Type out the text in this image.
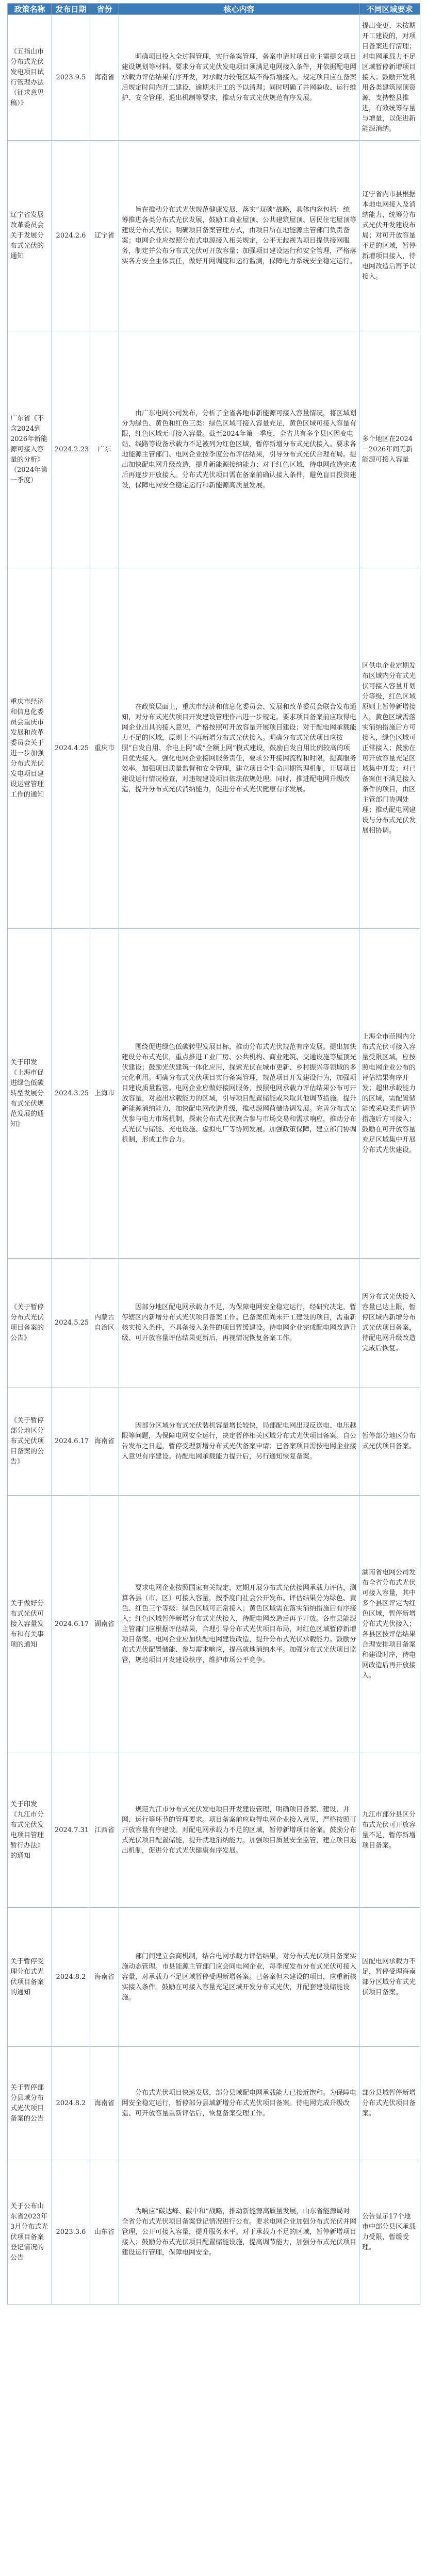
政策名称	发布日期	省份	核心内容	不同区域要求
《五指山市分布式光伏发电项目试行管理办法（征求意见稿）》	2023.9.5	海南省	明确项目投入全过程管理，实行备案管理，备案申请时项目业主需提交项目建设规划等材料。要求分布式光伏发电项目须满足电网接入条件，并依据配电网承载力评估结果有序开发，对承载力较低区域不得新增接入。规定项目应在备案后规定时间内开工建设，逾期未开工的予以清理；同时明确了并网验收、运行维护、安全管理、退出机制等要求，推动分布式光伏规范有序发展。	提出变更、未按期开工建设的，对项目备案进行清理；对电网承载力不足区域暂停新增项目接入；鼓励开发利用各类建筑屋顶资源，支持整县推进，有效统筹存量与增量，以促进新能源消纳。
辽宁省发展改革委员会关于发展分布式光伏的通知	2024.2.6	辽宁省	旨在推动分布式光伏规范健康发展，落实“双碳”战略，具体内容包括：统筹推进各类分布式光伏发展，鼓励工商业屋顶、公共建筑屋顶、居民住宅屋顶等建设分布式光伏；明确项目备案管理方式，由项目所在地能源主管部门负责备案；电网企业应按照分布式电源接入相关规定，公平无歧视为项目提供接网服务，制定并公布分布式光伏可开放容量；加强项目建设运行和安全管理，严格落实各方安全主体责任，做好并网调度和运行监测，保障电力系统安全稳定运行。	辽宁省内市县根据本地电网接入及消纳能力，统筹分布式光伏开发建设布局；对可开放容量不足的区域，暂停新增项目接入，待电网改造后再予以接入。
广东省《不含2024到2026年新能源可接入容量的分析》（2024年第一季度）	2024.2.23	广东	由广东电网公司发布，分析了全省各地市新能源可接入容量情况，将区域划分为绿色、黄色和红色三类：绿色区域可接入容量充足，黄色区域可接入容量有限，红色区域无可接入容量。截至2024年第一季度，全省共有多个县区因变电站、线路等设备承载力不足被列为红色区域，暂停新增分布式光伏接入。要求各地能源主管部门、电网企业按季度公布评估结果，引导分布式光伏合理布局。提出加快配电网升级改造，提升新能源接纳能力；对于红色区域，待电网改造完成后再逐步开放接入。分布式光伏项目需在备案前确认接入条件，避免盲目投资建设，保障电网安全稳定运行和新能源高质量发展。	多个地区在2024－2026年间无新能源可接入容量
重庆市经济和信息化委员会重庆市发展和改革委员会关于进一步加强分布式光伏发电项目建设运营管理工作的通知	2024.4.25	重庆市	在政策层面上，重庆市经济和信息化委员会、发展和改革委员会联合发布通知，对分布式光伏项目开发建设管理作出进一步规定。要求项目备案前应取得电网企业出具的接入意见，严格按照可开放容量开展项目建设；对于配电网承载能力不足的区域，原则上不再新增分布式光伏接入。明确分布式光伏项目应按照“自发自用、余电上网”或“全额上网”模式建设，鼓励自发自用比例较高的项目优先接入。强化电网企业接网服务责任，要求公开接网流程和时限，提高服务效率。加强项目质量监督和安全管理，建立项目全生命周期管理机制，开展项目建设运行情况检查，对违规建设项目依法依规处理。同时，推进配电网升级改造，提升分布式光伏消纳能力，促进分布式光伏健康有序发展。	区供电企业定期发布区域内分布式光伏可接入容量并划分等级，红色区域原则上暂停新增接入，黄色区域需落实消纳措施后方可接入，绿色区域可正常接入；鼓励在可开放容量充足区域集中开发；对已备案但不满足接入条件的项目，由区主管部门协调处理；推动配电网建设与分布式光伏发展相协调。
关于印发《上海市促进绿色低碳转型发展分布式光伏规范发展的通知》	2024.3.25	上海市	围绕促进绿色低碳转型发展目标，推动分布式光伏规范有序发展。提出加快建设分布式光伏，重点推进工业厂房、公共机构、商业建筑、交通设施等屋顶光伏建设；鼓励光伏建筑一体化应用，探索光伏在城市更新、乡村振兴等领域的多元化利用。明确分布式光伏项目实行备案管理，规范项目开发建设行为，加强项目建设质量监管。电网企业应做好接网服务，按照电网承载力评估结果公布可开放容量，对超出承载能力的区域，引导项目配置储能或采取其他调节措施。提升新能源消纳能力，加快配电网改造升级，推动源网荷储协调发展。完善分布式光伏参与电力市场机制，探索分布式光伏聚合参与市场交易和需求响应，推动分布式光伏与储能、充电设施、虚拟电厂等协同发展。加强政策保障，建立部门协调机制，形成工作合力。	上海全市范围内分布式光伏可接入容量受限区域，应按照电网企业公布的评估结果有序开发；超出承载能力的区域，需配置储能或采取柔性调节措施后方可接入；鼓励在可开放容量充足区域集中开展分布式光伏建设。
《关于暂停分布式光伏项目备案的公告》	2024.5.25	内蒙古自治区	因部分地区配电网承载力不足，为保障电网安全稳定运行，经研究决定，暂停辖区内新增分布式光伏项目备案工作。已备案但尚未开工建设的项目，需重新核实接入条件，不具备接入条件的项目暂缓建设。待电网企业完成配电网改造升级、可开放容量评估结果更新后，再视情况恢复备案工作。	因分布式光伏接入容量已达上限，暂停区域内新增分布式光伏项目备案，待配电网升级改造完成后恢复。
《关于暂停部分地区分布式光伏项目备案的公告》	2024.6.17	海南省	因部分区域分布式光伏装机容量增长较快，局部配电网出现反送电、电压越限等问题，为保障电网安全运行，决定暂停相关区域分布式光伏项目备案。自公告发布之日起，暂停受理新增分布式光伏备案申请；已备案项目需按电网企业接入意见有序建设。待配电网承载能力提升后，另行通知恢复备案。	暂停部分地区分布式光伏项目备案。
关于做好分布式光伏可接入容量发布和有关事项的通知	2024.6.17	湖南省	要求电网企业按照国家有关规定，定期开展分布式光伏接网承载力评估，测算各县（市、区）可接入容量，按季度向社会公开发布。评估结果分为绿色、黄色、红色三个等级：绿色区域可正常接入；黄色区域需在落实消纳措施后有序接入；红色区域暂停新增分布式光伏接入，待配电网改造后再予开放。各市县能源主管部门应根据评估结果，合理引导分布式光伏项目布局，对红色区域暂停新增项目备案。电网企业应加快配电网建设改造，提升分布式光伏承载能力。鼓励分布式光伏配置储能、参与需求响应，提高就地消纳水平。加强分布式光伏项目监管，规范项目开发建设秩序，维护市场公平竞争。	湖南省电网公司发布全省分布式光伏可接入容量，其中多个县区评定为红色区域，暂停新增分布式光伏接入；各县区按评估结果合理安排项目备案和建设时序，待电网改造后再开放接入。
关于印发《九江市分布式光伏发电项目管理暂行办法》的通知	2024.7.31	江西省	规范九江市分布式光伏发电项目开发建设管理，明确项目备案、建设、并网、运行等环节的管理要求。项目备案前应取得电网企业接入意见，严格按照可开放容量有序建设。对配电网承载力不足的区域，暂停新增项目备案。鼓励分布式光伏项目配置储能，提升就地消纳能力。加强项目质量安全监管，建立项目退出机制，促进分布式光伏健康有序发展。	九江市部分县区分布式光伏可开放容量不足，暂停新增项目备案。
关于暂停受理分布式光伏项目备案的通知	2024.8.2	海南省	部门间建立会商机制，结合电网承载力评估结果，对分布式光伏项目备案实施动态管理。市县能源主管部门应会同电网企业，每季度发布分布式光伏可接入容量，对承载力不足区域暂停受理新增备案。已备案但未建设的项目，应重新核实接入条件。鼓励在可接入容量充足区域开发分布式光伏，并配套建设储能设施。	因配电网承载力不足，暂停受理海南部分区域分布式光伏项目备案。
关于暂停部分县域分布式光伏项目备案的公告	2024.8.2	海南省	分布式光伏项目快速发展，部分县域配电网承载能力已接近饱和。为保障电网安全稳定运行，暂停部分县域新增分布式光伏项目备案。待电网完成升级改造、可开放容量重新评估后，恢复备案受理工作。	部分县域暂停新增分布式光伏项目备案。
关于公布山东省2023年3月分布式光伏项目备案登记情况的公告	2023.3.6	山东省	为响应“碳达峰、碳中和”战略，推动新能源高质量发展，山东省能源局对全省分布式光伏项目备案登记情况进行公布。要求电网企业加强分布式光伏并网管理，公开可接入容量，提升服务水平。对于承载力不足的区域，暂停新增项目接入；鼓励分布式光伏项目配置储能设施，提高调节能力，加强分布式光伏项目建设运行管理，保障电网安全。	公告显示17个地市中部分县区承载力受限，暂缓受理。
